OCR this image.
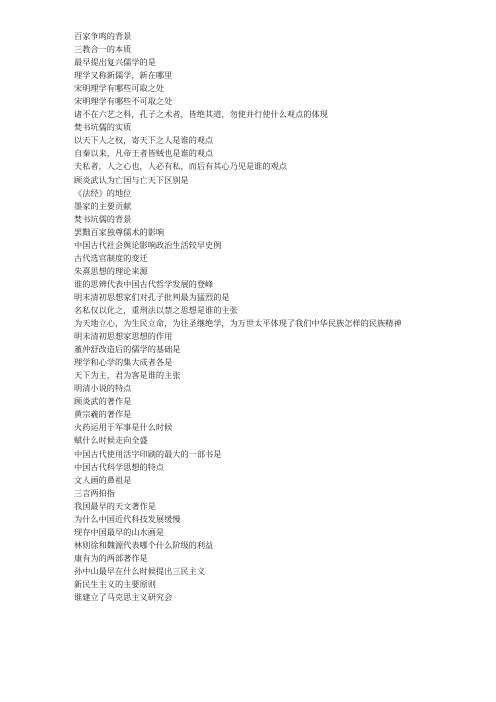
百家争鸣的背景
三教合一的本质
最早提出复兴儒学的是
理学又称新儒学，新在哪里
宋明理学有哪些可取之处
宋明理学有哪些不可取之处
诸不在六艺之科，孔子之术者，皆绝其道，勿使并行使什么观点的体现
焚书坑儒的实质
以天下人之权，寄天下之人是谁的观点
自秦以来，凡帝王者皆贼也是谁的观点
夫私者，人之心也，人必有私，而后有其心乃见是谁的观点
顾炎武认为亡国与亡天下区别是
《法经》的地位
墨家的主要贡献
焚书坑儒的背景
罢黜百家独尊儒术的影响
中国古代社会舆论影响政治生活较早史例
古代选官制度的变迁
朱熹思想的理论来源
谁的思辨代表中国古代哲学发展的登峰
明末清初思想家们对孔子批判最为猛烈的是
名私仅以化之，重刑法以禁之思想是谁的主张
为天地立心，为生民立命，为往圣继绝学，为万世太平体现了我们中华民族怎样的民族精神
明末清初思想家思想的作用
董仲舒改造后的儒学的基础是
理学和心学的集大成者各是
天下为主，君为客是谁的主张
明清小说的特点
顾炎武的著作是
黄宗羲的著作是
火药运用于军事是什么时候
赋什么时候走向全盛
中国古代使用活字印刷的最大的一部书是
中国古代科学思想的特点
文人画的鼻祖是
三言两拍指
我国最早的天文著作是
为什么中国近代科技发展缓慢
现存中国最早的山水画是
林则徐和魏源代表哪个什么阶级的利益
康有为的两部著作是
孙中山最早在什么时候提出三民主义
新民生主义的主要原则
谁建立了马克思主义研究会
